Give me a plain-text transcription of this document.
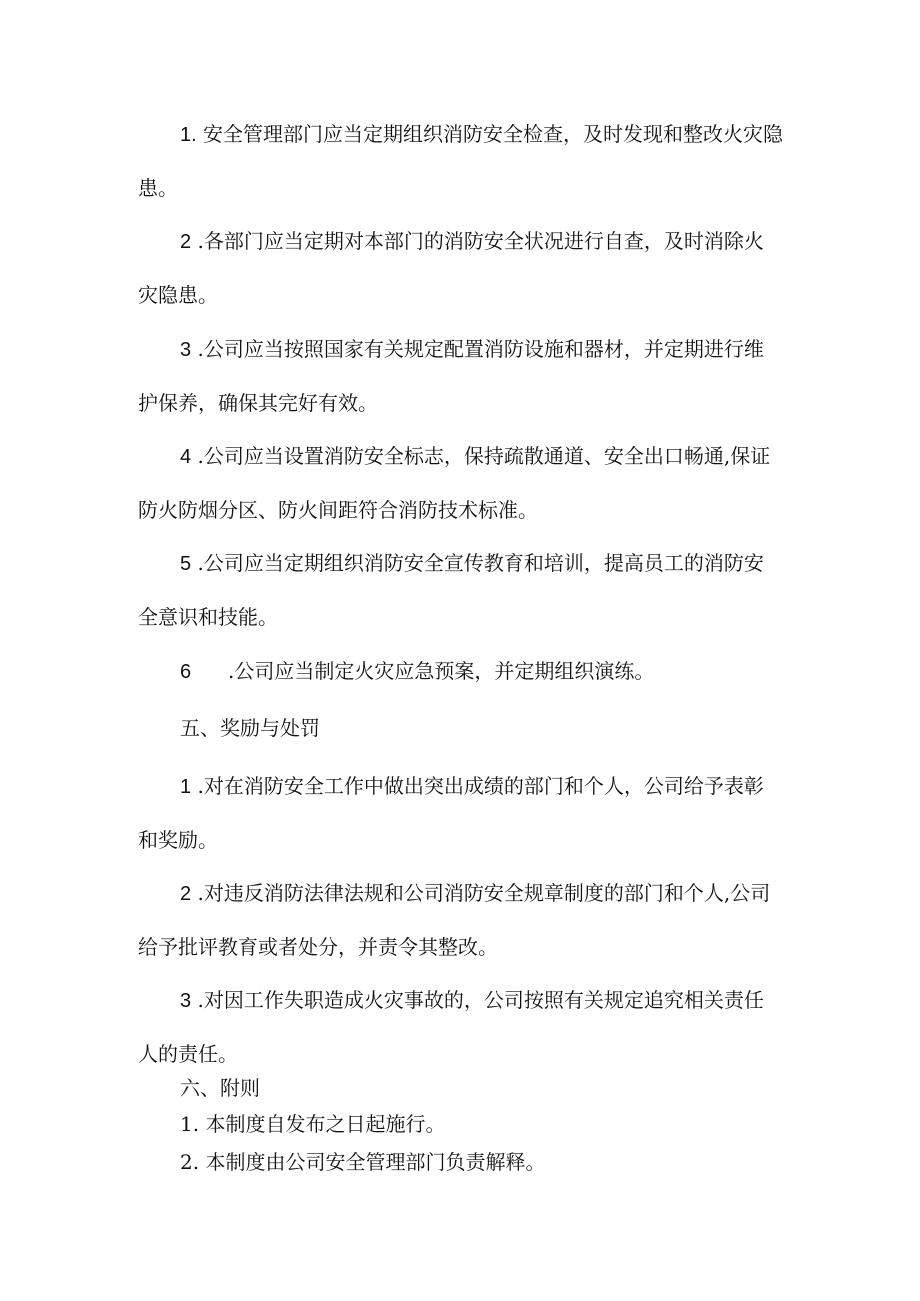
1. 安全管理部门应当定期组织消防安全检查，及时发现和整改火灾隐
患。

2 .各部门应当定期对本部门的消防安全状况进行自查，及时消除火
灾隐患。

3 .公司应当按照国家有关规定配置消防设施和器材，并定期进行维
护保养，确保其完好有效。

4 .公司应当设置消防安全标志，保持疏散通道、安全出口畅通,保证
防火防烟分区、防火间距符合消防技术标准。

5 .公司应当定期组织消防安全宣传教育和培训，提高员工的消防安
全意识和技能。

6 .公司应当制定火灾应急预案，并定期组织演练。

五、奖励与处罚

1 .对在消防安全工作中做出突出成绩的部门和个人，公司给予表彰
和奖励。

2 .对违反消防法律法规和公司消防安全规章制度的部门和个人,公司
给予批评教育或者处分，并责令其整改。

3 .对因工作失职造成火灾事故的，公司按照有关规定追究相关责任
人的责任。

六、附则

1. 本制度自发布之日起施行。

2. 本制度由公司安全管理部门负责解释。
